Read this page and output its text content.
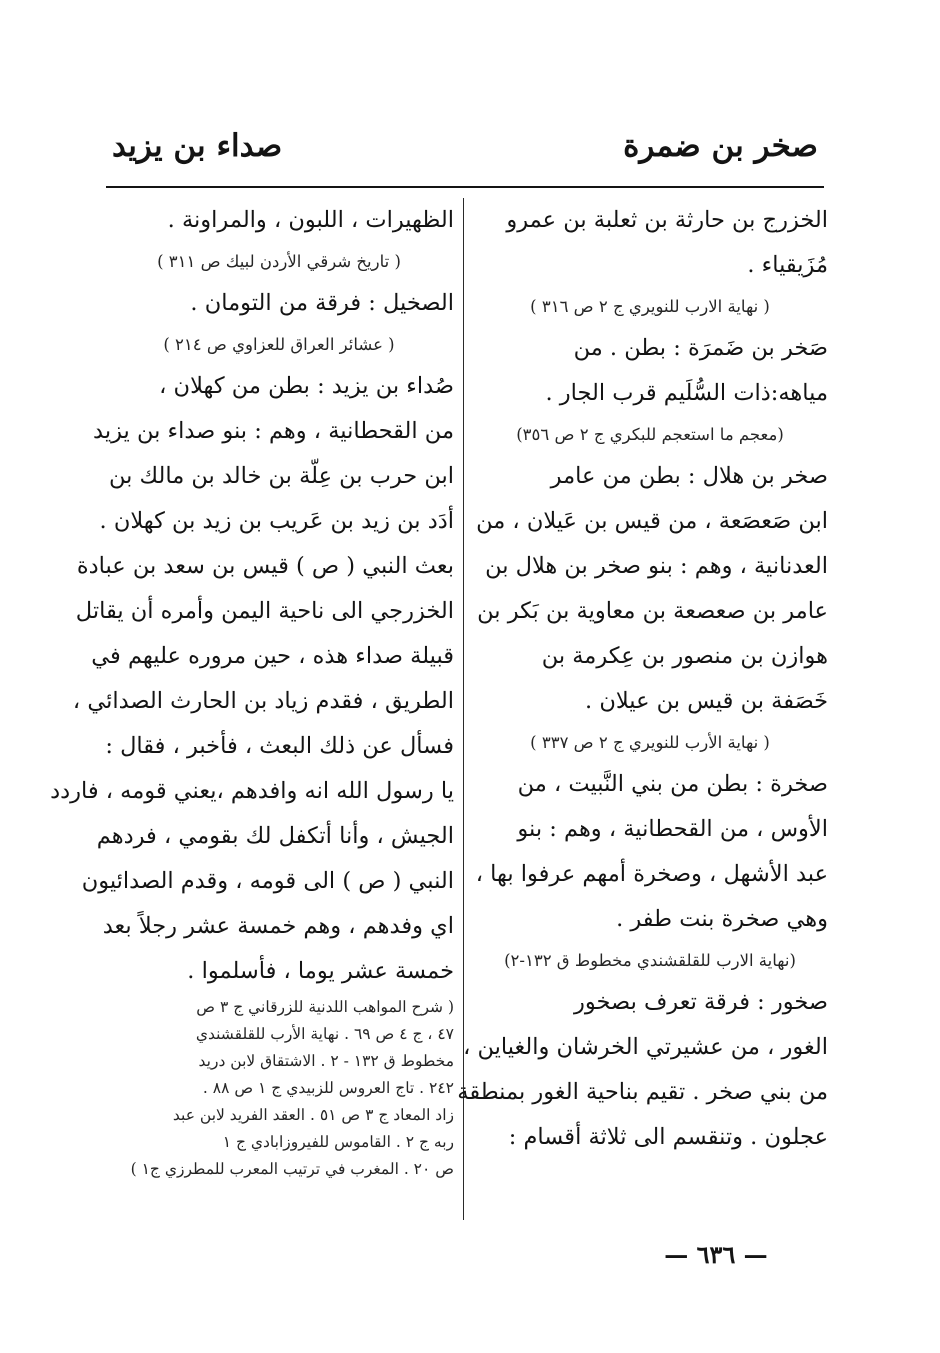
صخر بن ضمرة
صداء بن يزيد

الخزرج بن حارثة بن ثعلبة بن عمرو

مُزَيقياء .

( نهاية الارب للنويري ج ٢ ص ٣١٦ )

صَخر بن ضَمرَة : بطن . من

مياهه:ذات السُّلَيم قرب الجار .

(معجم ما استعجم للبكري ج ٢ ص ٣٥٦)

صخر بن هلال : بطن من عامر

ابن صَعصَعة ، من قيس بن عَيلان ، من

العدنانية ، وهم : بنو صخر بن هلال بن

عامر بن صعصعة بن معاوية بن بَكر بن

هوازن بن منصور بن عِكرمة بن

خَصَفة بن قيس بن عيلان .

( نهاية الأرب للنويري ج ٢ ص ٣٣٧ )

صخرة : بطن من بني النَّبيت ، من

الأوس ، من القحطانية ، وهم : بنو

عبد الأشهل ، وصخرة أمهم عرفوا بها ،

وهي صخرة بنت طفر .

(نهاية الارب للقلقشندي مخطوط ق ١٣٢-٢)

صخور : فرقة تعرف بصخور

الغور ، من عشيرتي الخرشان والغياين ،

من بني صخر . تقيم بناحية الغور بمنطقة

عجلون . وتنقسم الى ثلاثة أقسام :

الظهيرات ، اللبون ، والمراونة .

( تاريخ شرقي الأردن لبيك ص ٣١١ )

الصخيل : فرقة من التومان .

( عشائر العراق للعزاوي ص ٢١٤ )

صُداء بن يزيد : بطن من كهلان ،

من القحطانية ، وهم : بنو صداء بن يزيد

ابن حرب بن عِلّة بن خالد بن مالك بن

أدَد بن زيد بن عَريب بن زيد بن كهلان .

بعث النبي ( ص ) قيس بن سعد بن عبادة

الخزرجي الى ناحية اليمن وأمره أن يقاتل

قبيلة صداء هذه ، حين مروره عليهم في

الطريق ، فقدم زياد بن الحارث الصدائي ،

فسأل عن ذلك البعث ، فأخبر ، فقال :

يا رسول الله انه وافدهم ،يعني قومه ، فاردد

الجيش ، وأنا أتكفل لك بقومي ، فردهم

النبي ( ص ) الى قومه ، وقدم الصدائيون

اي وفدهم ، وهم خمسة عشر رجلاً بعد

خمسة عشر يوما ، فأسلموا .

( شرح المواهب اللدنية للزرقاني ج ٣ ص

٤٧ ، ج ٤ ص ٦٩ . نهاية الأرب للقلقشندي

مخطوط ق ١٣٢ - ٢ . الاشتقاق لابن دريد

٢٤٢ . تاج العروس للزبيدي ج ١ ص ٨٨ .

زاد المعاد ج ٣ ص ٥١ . العقد الفريد لابن عبد

ربه ج ٢ . القاموس للفيروزابادي ج ١

ص ٢٠ . المغرب في ترتيب المعرب للمطرزي ج١ )

— ٦٣٦ —
